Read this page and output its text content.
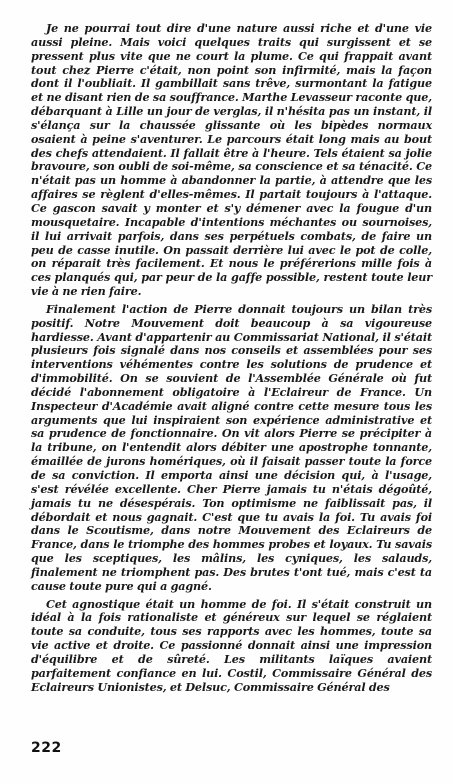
Je ne pourrai tout dire d'une nature aussi riche et d'une vie aussi pleine. Mais voici quelques traits qui surgissent et se pressent plus vite que ne court la plume. Ce qui frappait avant tout chez Pierre c'était, non point son infirmité, mais la façon dont il l'oubliait. Il gambillait sans trêve, surmontant la fatigue et ne disant rien de sa souffrance. Marthe Levasseur raconte que, débarquant à Lille un jour de verglas, il n'hésita pas un instant, il s'élança sur la chaussée glissante où les bipèdes normaux osaient à peine s'aventurer. Le parcours était long mais au bout des chefs attendaient. Il fallait être à l'heure. Tels étaient sa jolie bravoure, son oubli de soi-même, sa conscience et sa ténacité. Ce n'était pas un homme à abandonner la partie, à attendre que les affaires se règlent d'elles-mêmes. Il partait toujours à l'attaque. Ce gascon savait y monter et s'y démener avec la fougue d'un mousquetaire. Incapable d'intentions méchantes ou sournoises, il lui arrivait parfois, dans ses perpétuels combats, de faire un peu de casse inutile. On passait derrière lui avec le pot de colle, on réparait très facilement. Et nous le préférerions mille fois à ces planqués qui, par peur de la gaffe possible, restent toute leur vie à ne rien faire.

Finalement l'action de Pierre donnait toujours un bilan très positif. Notre Mouvement doit beaucoup à sa vigoureuse hardiesse. Avant d'appartenir au Commissariat National, il s'était plusieurs fois signalé dans nos conseils et assemblées pour ses interventions véhémentes contre les solutions de prudence et d'immobilité. On se souvient de l'Assemblée Générale où fut décidé l'abonnement obligatoire à l'Eclaireur de France. Un Inspecteur d'Académie avait aligné contre cette mesure tous les arguments que lui inspiraient son expérience administrative et sa prudence de fonctionnaire. On vit alors Pierre se précipiter à la tribune, on l'entendit alors débiter une apostrophe tonnante, émaillée de jurons homériques, où il faisait passer toute la force de sa conviction. Il emporta ainsi une décision qui, à l'usage, s'est révélée excellente. Cher Pierre jamais tu n'étais dégoûté, jamais tu ne désespérais. Ton optimisme ne faiblissait pas, il débordait et nous gagnait. C'est que tu avais la foi. Tu avais foi dans le Scoutisme, dans notre Mouvement des Eclaireurs de France, dans le triomphe des hommes probes et loyaux. Tu savais que les sceptiques, les mâlins, les cyniques, les salauds, finalement ne triomphent pas. Des brutes t'ont tué, mais c'est ta cause toute pure qui a gagné.

Cet agnostique était un homme de foi. Il s'était construit un idéal à la fois rationaliste et généreux sur lequel se réglaient toute sa conduite, tous ses rapports avec les hommes, toute sa vie active et droite. Ce passionné donnait ainsi une impression d'équilibre et de sûreté. Les militants laïques avaient parfaitement confiance en lui. Costil, Commissaire Général des Eclaireurs Unionistes, et Delsuc, Commissaire Général des

222
